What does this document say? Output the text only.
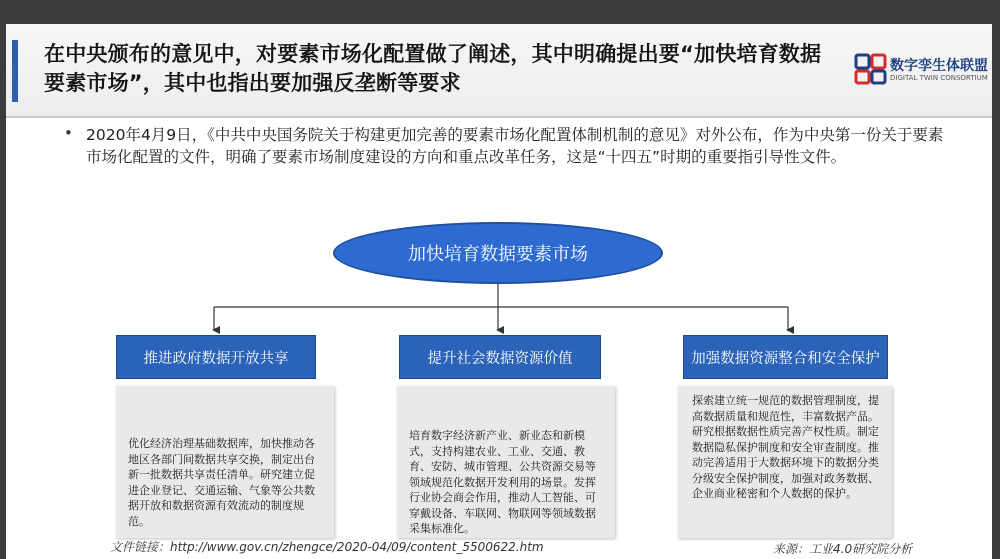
在中央颁布的意见中，对要素市场化配置做了阐述，其中明确提出要“加快培育数据要素市场”，其中也指出要加强反垄断等要求
数字孪生体联盟
DIGITAL TWIN CONSORTIUM
• 2020年4月9日，《中共中央国务院关于构建更加完善的要素市场化配置体制机制的意见》对外公布，作为中央第一份关于要素市场化配置的文件，明确了要素市场制度建设的方向和重点改革任务，这是“十四五”时期的重要指引导性文件。
加快培育数据要素市场
推进政府数据开放共享	提升社会数据资源价值	加强数据资源整合和安全保护
优化经济治理基础数据库，加快推动各地区各部门间数据共享交换，制定出台新一批数据共享责任清单。研究建立促进企业登记、交通运输、气象等公共数据开放和数据资源有效流动的制度规范。
培育数字经济新产业、新业态和新模式，支持构建农业、工业、交通、教育、安防、城市管理、公共资源交易等领域规范化数据开发利用的场景。发挥行业协会商会作用，推动人工智能、可穿戴设备、车联网、物联网等领域数据采集标准化。
探索建立统一规范的数据管理制度，提高数据质量和规范性，丰富数据产品。研究根据数据性质完善产权性质。制定数据隐私保护制度和安全审查制度。推动完善适用于大数据环境下的数据分类分级安全保护制度，加强对政务数据、企业商业秘密和个人数据的保护。
文件链接：http://www.gov.cn/zhengce/2020-04/09/content_5500622.htm	来源：工业4.0研究院分析
